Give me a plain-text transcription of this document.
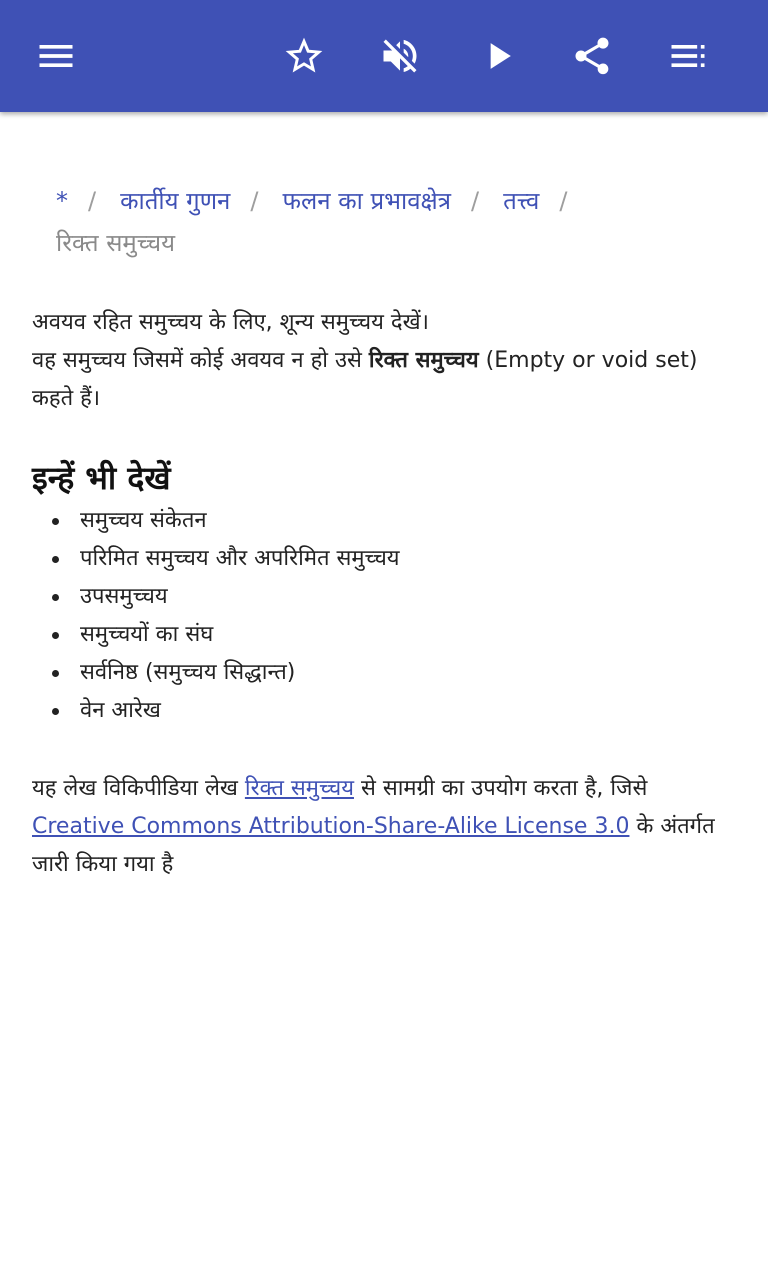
* / कार्तीय गुणन / फलन का प्रभावक्षेत्र / तत्त्व /
रिक्त समुच्चय

अवयव रहित समुच्चय के लिए, शून्य समुच्चय देखें।
वह समुच्चय जिसमें कोई अवयव न हो उसे रिक्त समुच्चय (Empty or void set) कहते हैं।

इन्हें भी देखें
समुच्चय संकेतन
परिमित समुच्चय और अपरिमित समुच्चय
उपसमुच्चय
समुच्चयों का संघ
सर्वनिष्ठ (समुच्चय सिद्धान्त)
वेन आरेख

यह लेख विकिपीडिया लेख रिक्त समुच्चय से सामग्री का उपयोग करता है, जिसे Creative Commons Attribution-Share-Alike License 3.0 के अंतर्गत जारी किया गया है
